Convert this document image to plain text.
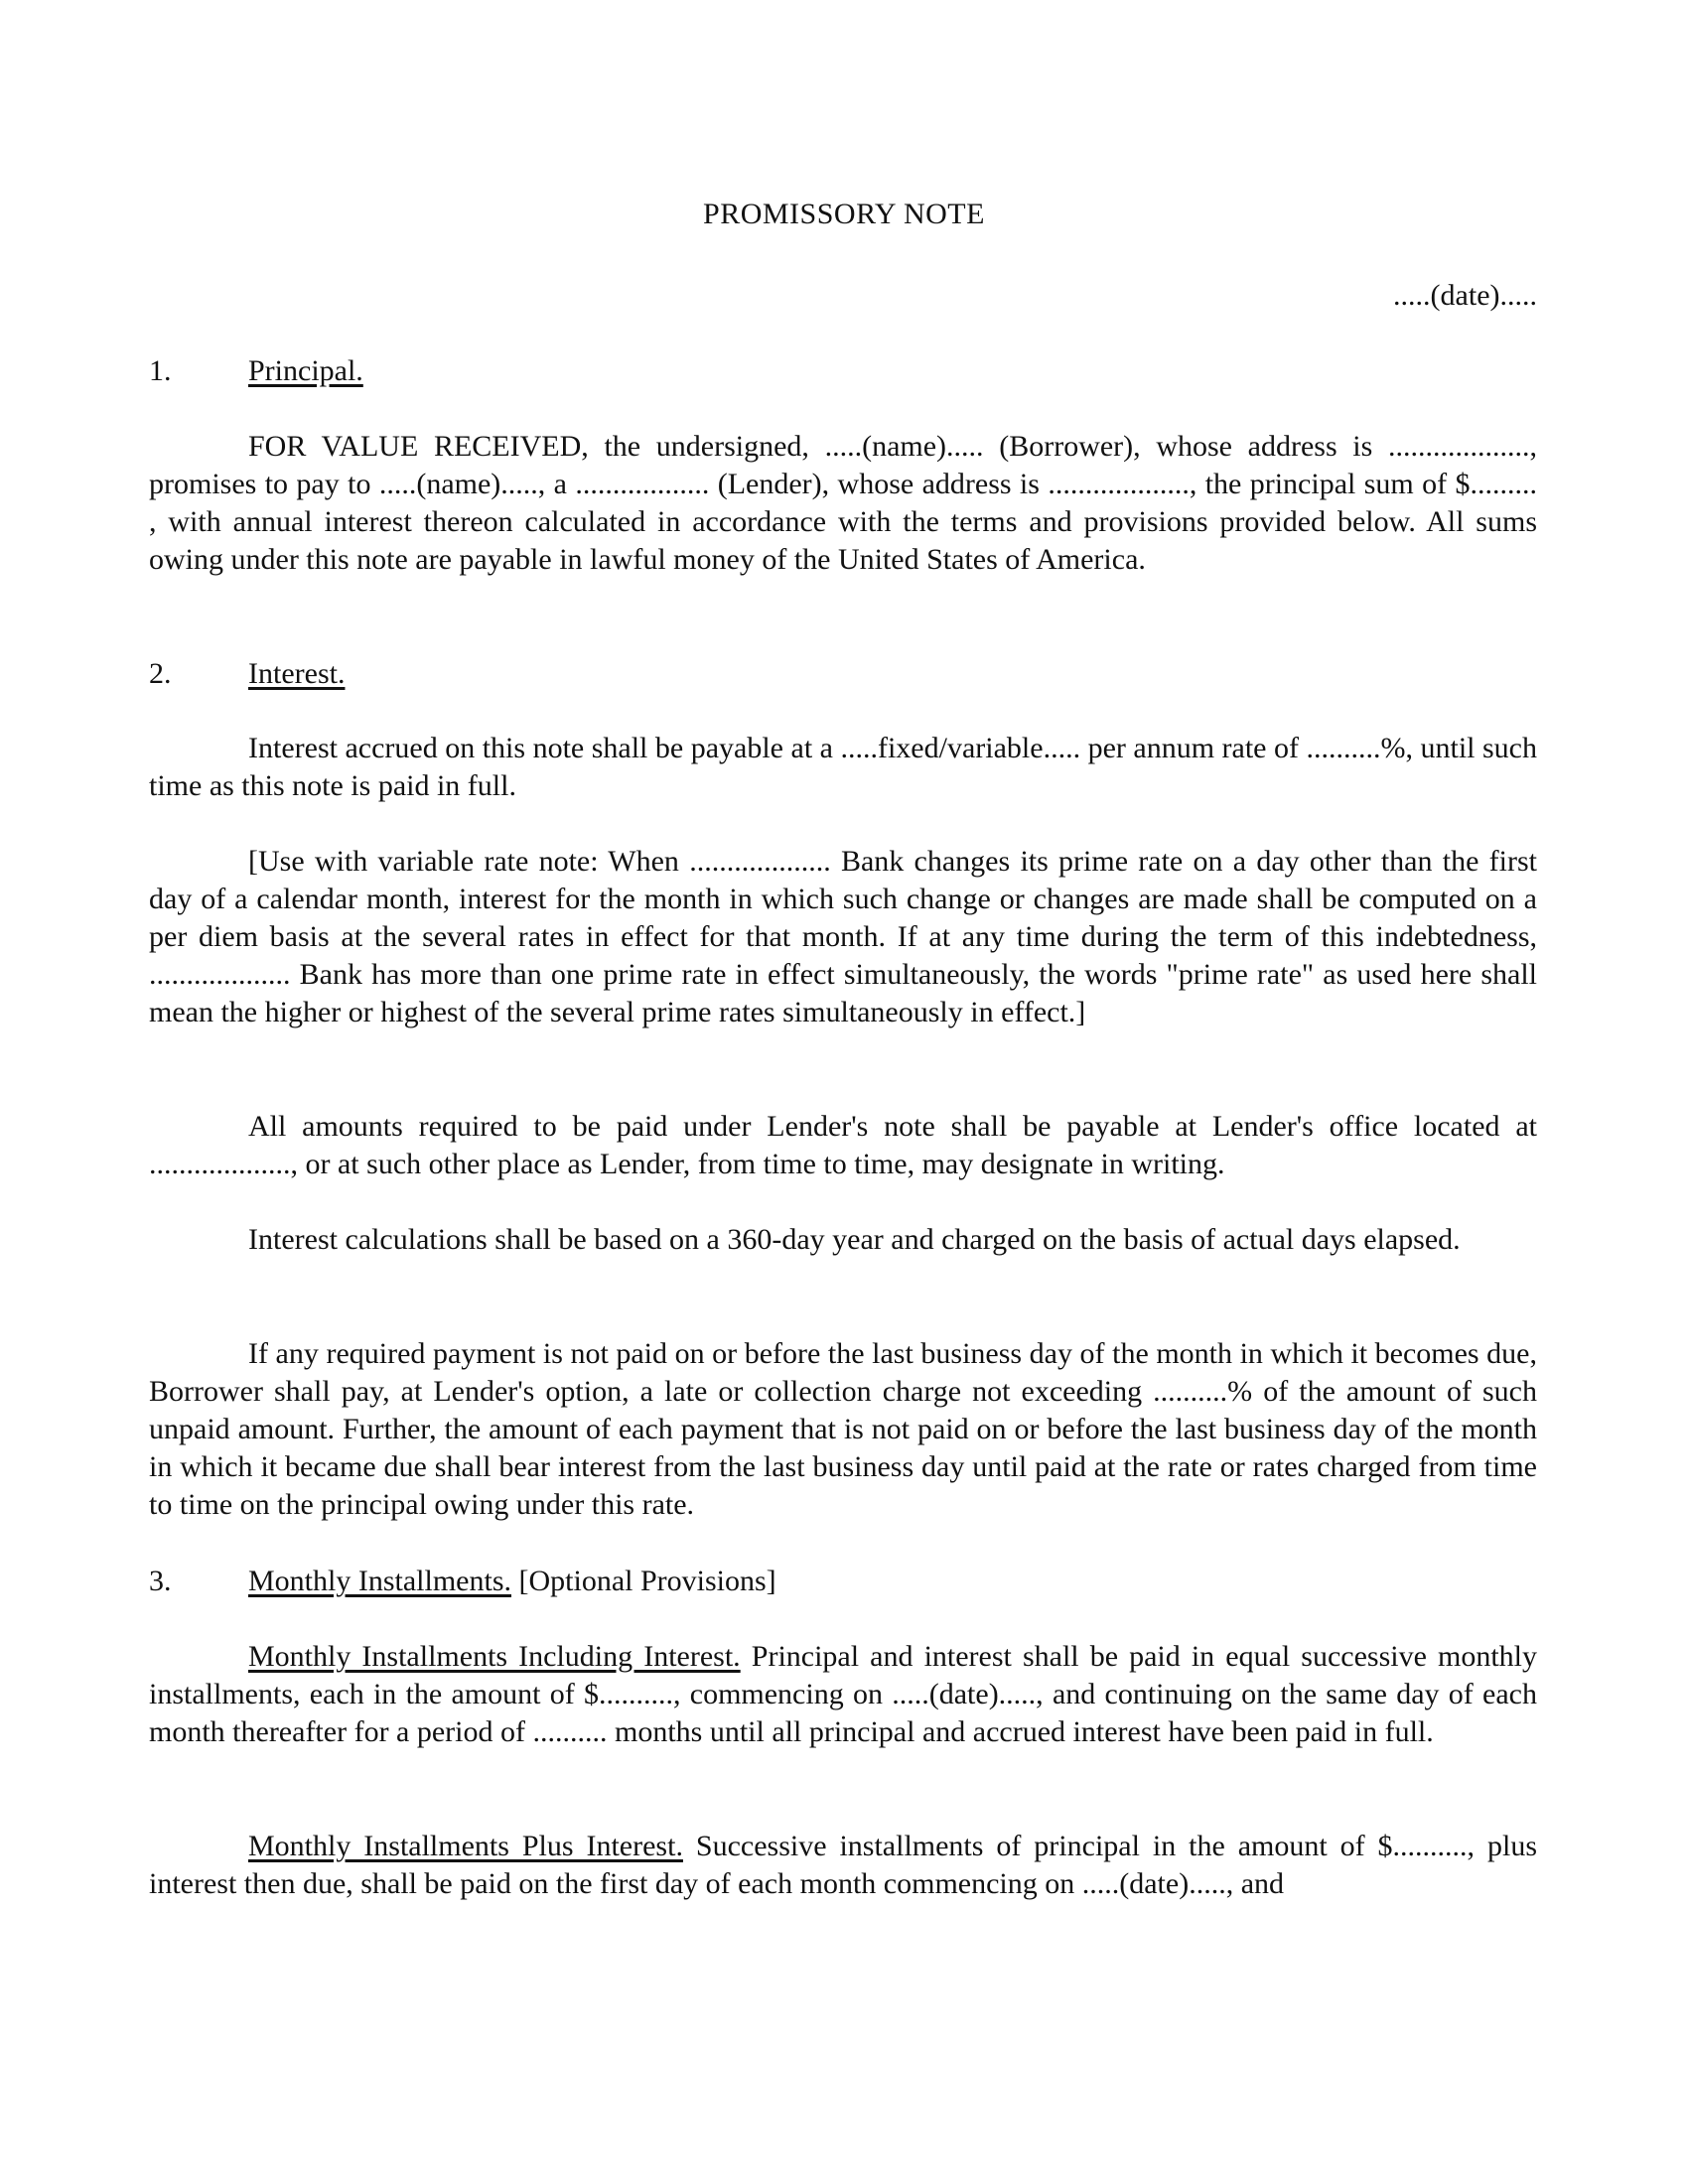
PROMISSORY NOTE
.....(date).....
1.	Principal.

FOR VALUE RECEIVED, the undersigned, .....(name)..... (Borrower), whose address is ..................., promises to pay to .....(name)....., a .................. (Lender), whose address is ..................., the principal sum of $......... , with annual interest thereon calculated in accordance with the terms and provisions provided below. All sums owing under this note are payable in lawful money of the United States of America.

2.	Interest.

Interest accrued on this note shall be payable at a .....fixed/variable..... per annum rate of ..........%, until such time as this note is paid in full.

[Use with variable rate note: When ................... Bank changes its prime rate on a day other than the first day of a calendar month, interest for the month in which such change or changes are made shall be computed on a per diem basis at the several rates in effect for that month. If at any time during the term of this indebtedness, ................... Bank has more than one prime rate in effect simultaneously, the words "prime rate" as used here shall mean the higher or highest of the several prime rates simultaneously in effect.]

All amounts required to be paid under Lender's note shall be payable at Lender's office located at ..................., or at such other place as Lender, from time to time, may designate in writing.

Interest calculations shall be based on a 360-day year and charged on the basis of actual days elapsed.

If any required payment is not paid on or before the last business day of the month in which it becomes due, Borrower shall pay, at Lender's option, a late or collection charge not exceeding ..........% of the amount of such unpaid amount. Further, the amount of each payment that is not paid on or before the last business day of the month in which it became due shall bear interest from the last business day until paid at the rate or rates charged from time to time on the principal owing under this rate.

3.	Monthly Installments. [Optional Provisions]

Monthly Installments Including Interest. Principal and interest shall be paid in equal successive monthly installments, each in the amount of $.........., commencing on .....(date)....., and continuing on the same day of each month thereafter for a period of .......... months until all principal and accrued interest have been paid in full.

Monthly Installments Plus Interest. Successive installments of principal in the amount of $.........., plus interest then due, shall be paid on the first day of each month commencing on .....(date)....., and
